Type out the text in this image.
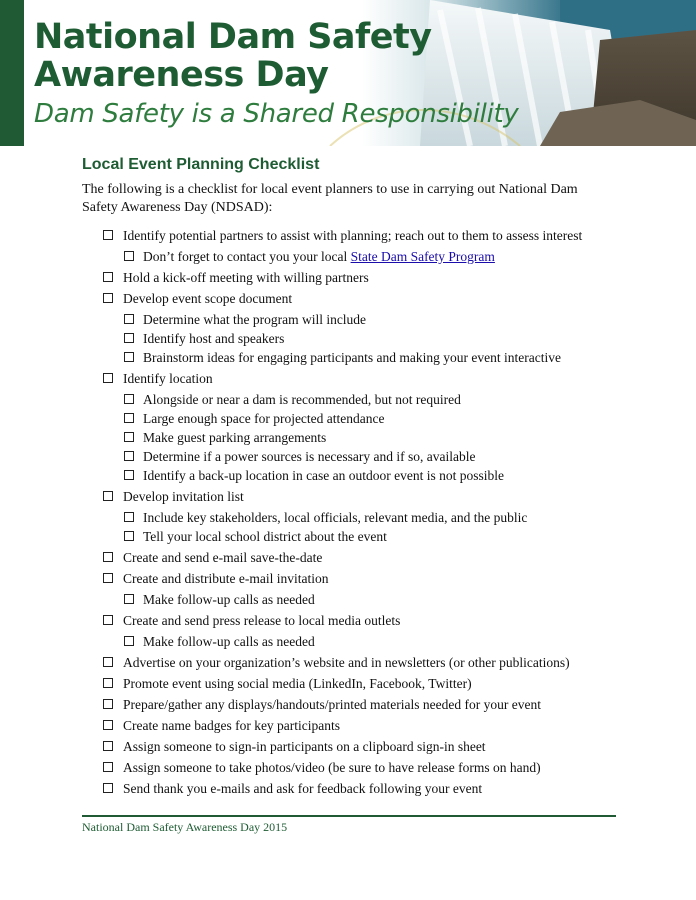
National Dam Safety
Awareness Day

Dam Safety is a Shared Responsibility

Local Event Planning Checklist

The following is a checklist for local event planners to use in carrying out National Dam Safety Awareness Day (NDSAD):

Identify potential partners to assist with planning; reach out to them to assess interest
Don’t forget to contact you your local State Dam Safety Program
Hold a kick-off meeting with willing partners
Develop event scope document
Determine what the program will include
Identify host and speakers
Brainstorm ideas for engaging participants and making your event interactive
Identify location
Alongside or near a dam is recommended, but not required
Large enough space for projected attendance
Make guest parking arrangements
Determine if a power sources is necessary and if so, available
Identify a back-up location in case an outdoor event is not possible
Develop invitation list
Include key stakeholders, local officials, relevant media, and the public
Tell your local school district about the event
Create and send e-mail save-the-date
Create and distribute e-mail invitation
Make follow-up calls as needed
Create and send press release to local media outlets
Make follow-up calls as needed
Advertise on your organization’s website and in newsletters (or other publications)
Promote event using social media (LinkedIn, Facebook, Twitter)
Prepare/gather any displays/handouts/printed materials needed for your event
Create name badges for key participants
Assign someone to sign-in participants on a clipboard sign-in sheet
Assign someone to take photos/video (be sure to have release forms on hand)
Send thank you e-mails and ask for feedback following your event

National Dam Safety Awareness Day 2015
